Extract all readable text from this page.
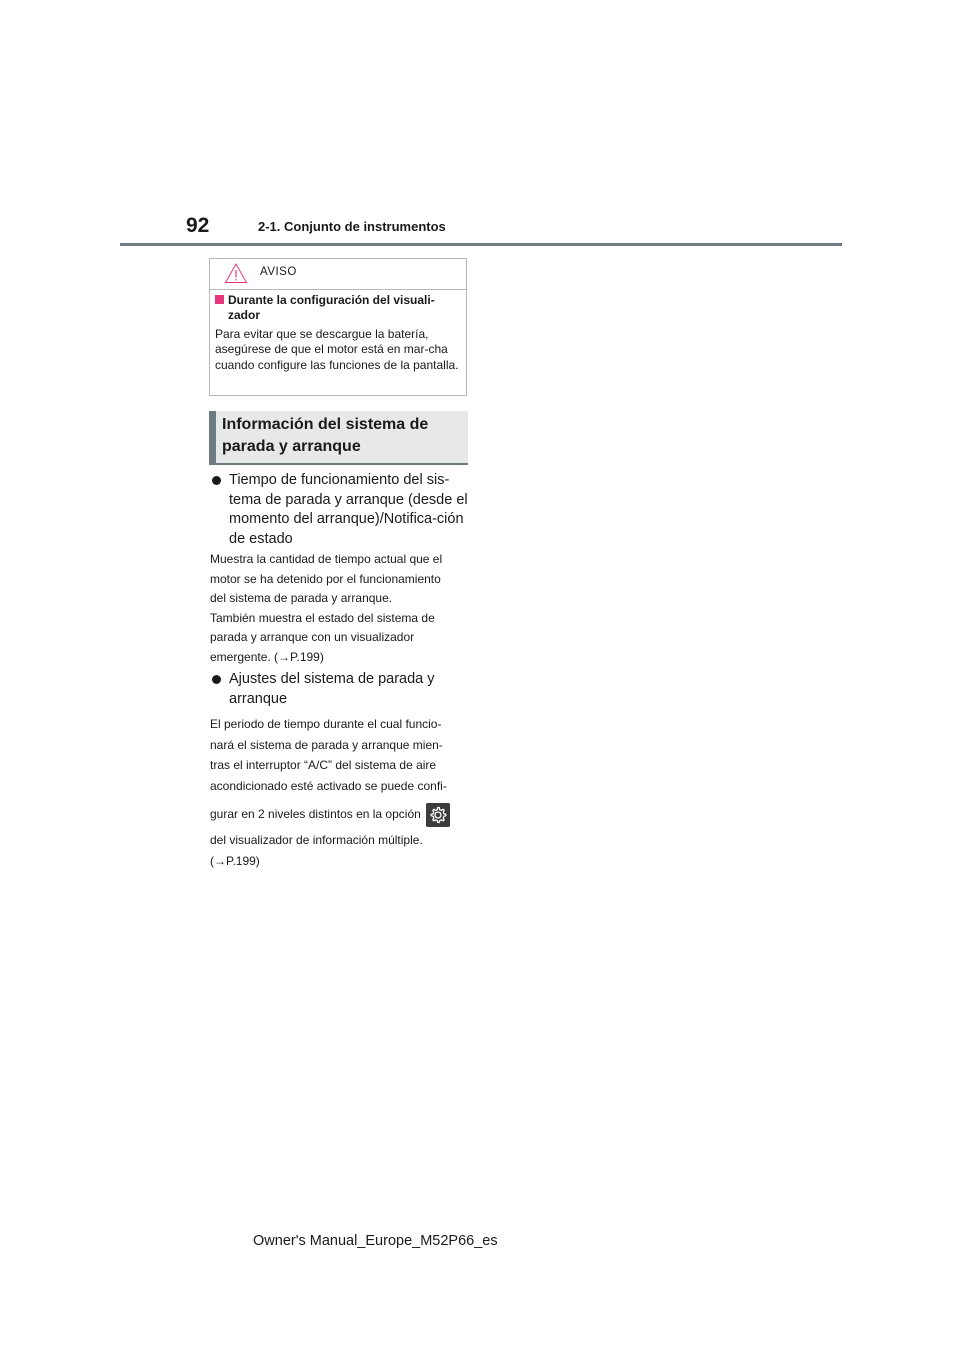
92	2-1. Conjunto de instrumentos
AVISO
Durante la configuración del visuali-
zador
Para evitar que se descargue la batería, asegúrese de que el motor está en mar-cha cuando configure las funciones de la pantalla.
Información del sistema de
parada y arranque
Tiempo de funcionamiento del sis-tema de parada y arranque (desde el momento del arranque)/Notifica-ción de estado

Muestra la cantidad de tiempo actual que el

motor se ha detenido por el funcionamiento

del sistema de parada y arranque.

También muestra el estado del sistema de

parada y arranque con un visualizador

emergente. (→P.199)

Ajustes del sistema de parada y arranque

El periodo de tiempo durante el cual funcio-

nará el sistema de parada y arranque mien-

tras el interruptor “A/C” del sistema de aire

acondicionado esté activado se puede confi-

gurar en 2 niveles distintos en la opción

del visualizador de información múltiple.

(→P.199)

Owner's Manual_Europe_M52P66_es
